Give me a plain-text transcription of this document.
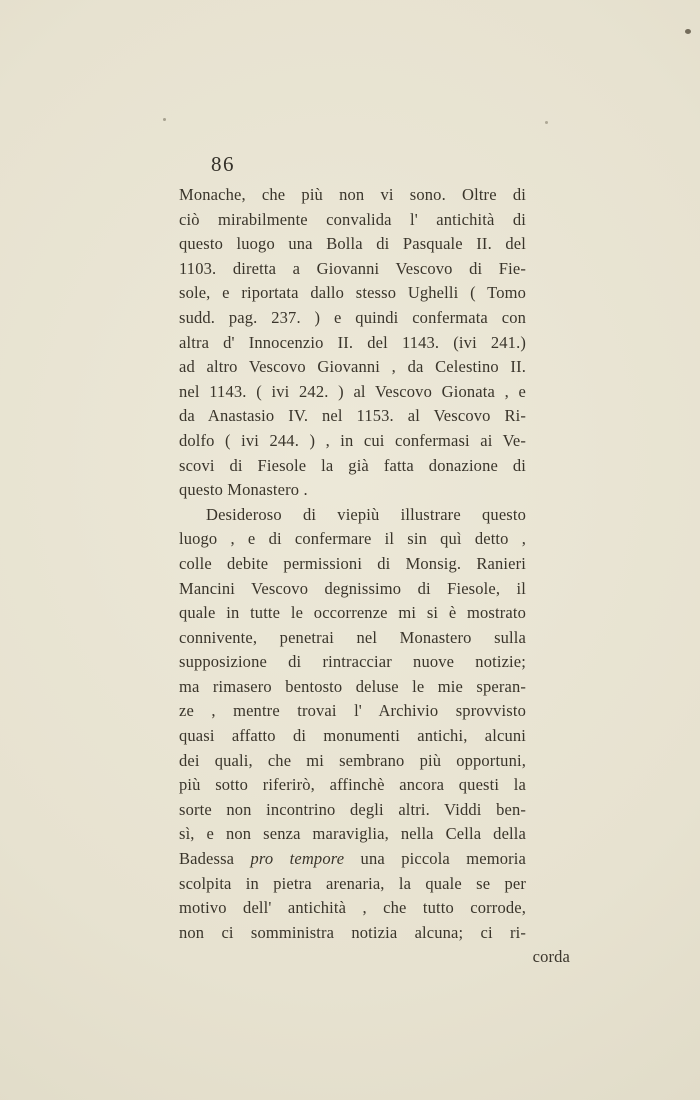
86
Monache, che più non vi sono. Oltre di
ciò mirabilmente convalida l' antichità di
questo luogo una Bolla di Pasquale II. del
1103. diretta a Giovanni Vescovo di Fie-
sole, e riportata dallo stesso Ughelli ( Tomo
sudd. pag. 237. ) e quindi confermata con
altra d' Innocenzio II. del 1143. (ivi 241.)
ad altro Vescovo Giovanni , da Celestino II.
nel 1143. ( ivi 242. ) al Vescovo Gionata , e
da Anastasio IV. nel 1153. al Vescovo Ri-
dolfo ( ivi 244. ) , in cui confermasi ai Ve-
scovi di Fiesole la già fatta donazione di
questo Monastero .
Desideroso di viepiù illustrare questo
luogo , e di confermare il sin quì detto ,
colle debite permissioni di Monsig. Ranieri
Mancini Vescovo degnissimo di Fiesole, il
quale in tutte le occorrenze mi si è mostrato
connivente, penetrai nel Monastero sulla
supposizione di rintracciar nuove notizie;
ma rimasero bentosto deluse le mie speran-
ze , mentre trovai l' Archivio sprovvisto
quasi affatto di monumenti antichi, alcuni
dei quali, che mi sembrano più opportuni,
più sotto riferirò, affinchè ancora questi la
sorte non incontrino degli altri. Viddi ben-
sì, e non senza maraviglia, nella Cella della
Badessa pro tempore una piccola memoria
scolpita in pietra arenaria, la quale se per
motivo dell' antichità , che tutto corrode,
non ci somministra notizia alcuna; ci ri-
corda
